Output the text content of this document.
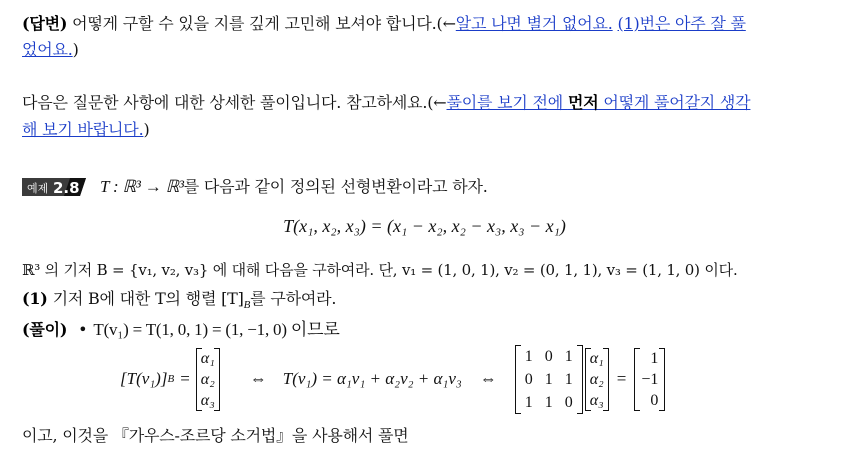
(답변) 어떻게 구할 수 있을 지를 깊게 고민해 보셔야 합니다.(←알고 나면 별거 없어요. (1)번은 아주 잘 풀
었어요.)
다음은 질문한 사항에 대한 상세한 풀이입니다. 참고하세요.(←풀이를 보기 전에 먼저 어떻게 풀어갈지 생각
해 보기 바랍니다.)
예제 2.8 T : ℝ³ → ℝ³를 다음과 같이 정의된 선형변환이라고 하자.
T(x₁, x₂, x₃) = (x₁ − x₂, x₂ − x₃, x₃ − x₁)
ℝ³ 의 기저 B = {v₁, v₂, v₃} 에 대해 다음을 구하여라. 단, v₁ = (1, 0, 1), v₂ = (0, 1, 1), v₃ = (1, 1, 0) 이다.
(1) 기저 B에 대한 T의 행렬 $[T]_B$를 구하여라.
(풀이) • T(v₁) = T(1, 0, 1) = (1, −1, 0) 이므로
[T(v₁)] B =
α₁
α₂
α₃
⇔ T(v₁) = α₁v₁ + α₂v₂ + α₁v₃ ⇔
1	0	1
0	1	1
1	1	0
α₁
α₂
α₃
=
1
−1
0
이고, 이것을 『가우스-조르당 소거법』을 사용해서 풀면
